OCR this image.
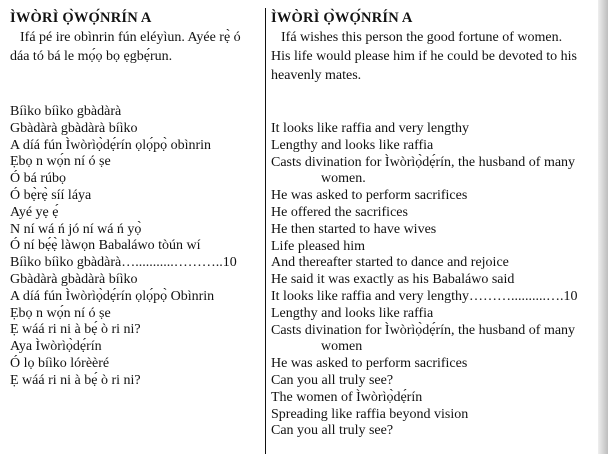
ÌWÒRÌ Ọ̀WỌ́NRÍN A
Ifá pé ire obìnrin fún eléyìun. Ayée rẹ̀ ó dáa tó bá le mọ́ọ bọ ẹgbẹ́run.
Bíìko bíìko gbàdàrà
Gbàdàrà gbàdàrà bíìko
A díá fún Ìwòrìọ̀dẹ́rín ọlọ́pọ̀ obìnrin
Ẹbọ n wọ́n ní ó ṣe
Ó bá rúbọ
Ó bẹ̀rẹ̀ síí láya
Ayé yẹ ẹ́
N ní wá ń jó ní wá ń yọ̀
Ó ní bẹ́ẹ̀ làwọn Babaláwo tòún wí
Bíìko bíìko gbàdàrà…...........………..10
Gbàdàrà gbàdàrà bíìko
A díá fún Ìwòrìọ̀dẹ́rín ọlọ́pọ̀ Obìnrin
Ẹbọ n wọ́n ní ó ṣe
Ẹ wáá ri ni à bẹ́ ò ri ni?
Aya Ìwòrìọ̀dẹ́rín
Ó lọ bíìko lórèèré
Ẹ wáá ri ni à bẹ́ ò ri ni?
ÌWÒRÌ Ọ̀WỌ́NRÍN A
Ifá wishes this person the good fortune of women. His life would please him if he could be devoted to his heavenly mates.
It looks like raffia and very lengthy
Lengthy and looks like raffia
Casts divination for Ìwòrìọ̀dẹ́rín, the husband of many
women.
He was asked to perform sacrifices
He offered the sacrifices
He then started to have wives
Life pleased him
And thereafter started to dance and rejoice
He said it was exactly as his Babaláwo said
It looks like raffia and very lengthy………..........….10
Lengthy and looks like raffia
Casts divination for Ìwòrìọ̀dẹ́rín, the husband of many
women
He was asked to perform sacrifices
Can you all truly see?
The women of Ìwòrìọ̀dẹ́rín
Spreading like raffia beyond vision
Can you all truly see?
